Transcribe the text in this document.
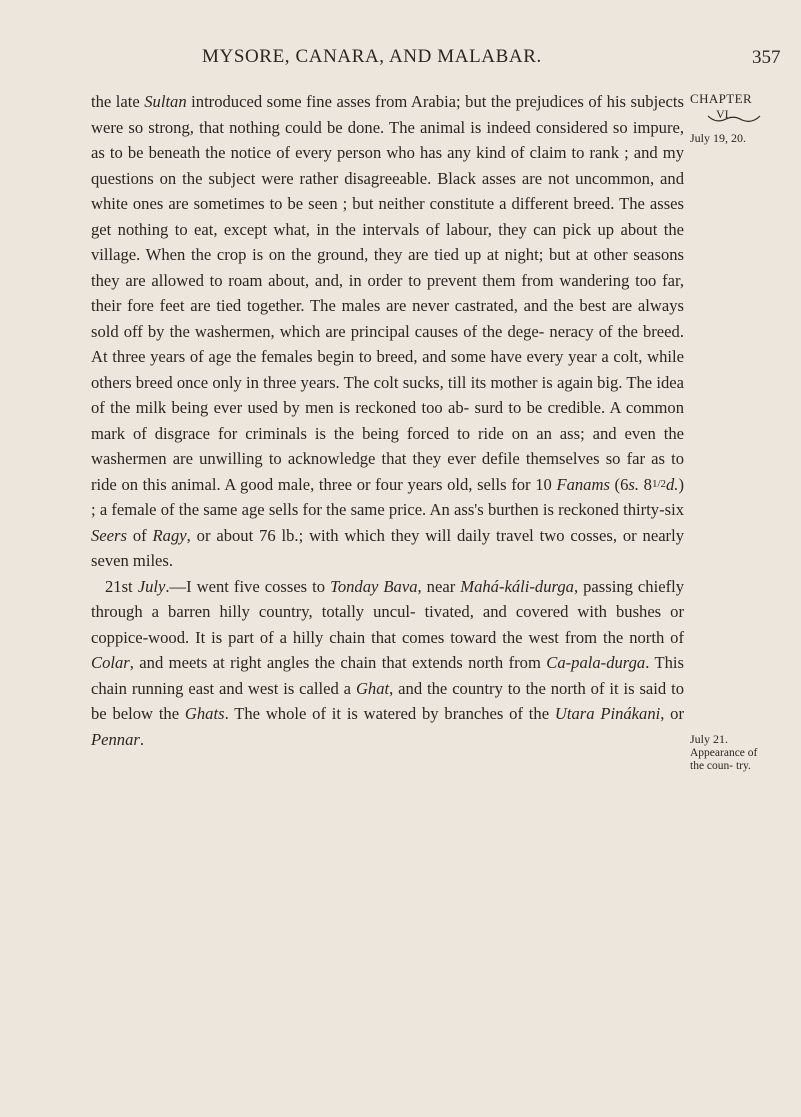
MYSORE, CANARA, AND MALABAR.	357
CHAPTER
VI.
July 19, 20.
July 21.
Appearance of the coun- try.

the late Sultan introduced some fine asses from Arabia; but the prejudices of his subjects were so strong, that nothing could be done. The animal is indeed considered so impure, as to be beneath the notice of every person who has any kind of claim to rank ; and my questions on the subject were rather disagreeable. Black asses are not uncommon, and white ones are sometimes to be seen ; but neither constitute a different breed. The asses get nothing to eat, except what, in the intervals of labour, they can pick up about the village. When the crop is on the ground, they are tied up at night; but at other seasons they are allowed to roam about, and, in order to prevent them from wandering too far, their fore feet are tied together. The males are never castrated, and the best are always sold off by the washermen, which are principal causes of the dege- neracy of the breed. At three years of age the females begin to breed, and some have every year a colt, while others breed once only in three years. The colt sucks, till its mother is again big. The idea of the milk being ever used by men is reckoned too ab- surd to be credible. A common mark of disgrace for criminals is the being forced to ride on an ass; and even the washermen are unwilling to acknowledge that they ever defile themselves so far as to ride on this animal. A good male, three or four years old, sells for 10 Fanams (6s. 81/2d.) ; a female of the same age sells for the same price. An ass's burthen is reckoned thirty-six Seers of Ragy, or about 76 lb.; with which they will daily travel two cosses, or nearly seven miles.

21st July.—I went five cosses to Tonday Bava, near Mahá-káli-durga, passing chiefly through a barren hilly country, totally uncul- tivated, and covered with bushes or coppice-wood. It is part of a hilly chain that comes toward the west from the north of Colar, and meets at right angles the chain that extends north from Ca-pala-durga. This chain running east and west is called a Ghat, and the country to the north of it is said to be below the Ghats. The whole of it is watered by branches of the Utara Pinákani, or Pennar.
